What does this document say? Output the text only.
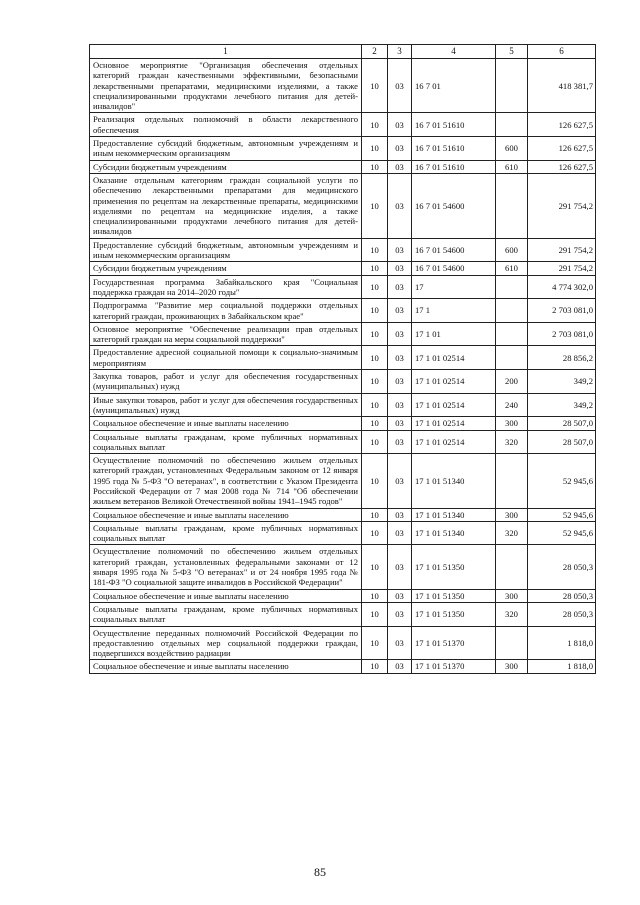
1	2	3	4	5	6
Основное мероприятие "Организация обеспечения отдельных категорий граждан качественными эффективными, безопасными лекарственными препаратами, медицинскими изделиями, а также специализированными продуктами лечебного питания для детей-инвалидов"	10	03	16 7 01		418 381,7
Реализация отдельных полномочий в области лекарственного обеспечения	10	03	16 7 01 51610		126 627,5
Предоставление субсидий бюджетным, автономным учреждениям и иным некоммерческим организациям	10	03	16 7 01 51610	600	126 627,5
Субсидии бюджетным учреждениям	10	03	16 7 01 51610	610	126 627,5
Оказание отдельным категориям граждан социальной услуги по обеспечению лекарственными препаратами для медицинского применения по рецептам на лекарственные препараты, медицинскими изделиями по рецептам на медицинские изделия, а также специализированными продуктами лечебного питания для детей-инвалидов	10	03	16 7 01 54600		291 754,2
Предоставление субсидий бюджетным, автономным учреждениям и иным некоммерческим организациям	10	03	16 7 01 54600	600	291 754,2
Субсидии бюджетным учреждениям	10	03	16 7 01 54600	610	291 754,2
Государственная программа Забайкальского края "Социальная поддержка граждан на 2014–2020 годы"	10	03	17		4 774 302,0
Подпрограмма "Развитие мер социальной поддержки отдельных категорий граждан, проживающих в Забайкальском крае"	10	03	17 1		2 703 081,0
Основное мероприятие "Обеспечение реализации прав отдельных категорий граждан на меры социальной поддержки"	10	03	17 1 01		2 703 081,0
Предоставление адресной социальной помощи к социально-значимым мероприятиям	10	03	17 1 01 02514		28 856,2
Закупка товаров, работ и услуг для обеспечения государственных (муниципальных) нужд	10	03	17 1 01 02514	200	349,2
Иные закупки товаров, работ и услуг для обеспечения государственных (муниципальных) нужд	10	03	17 1 01 02514	240	349,2
Социальное обеспечение и иные выплаты населению	10	03	17 1 01 02514	300	28 507,0
Социальные выплаты гражданам, кроме публичных нормативных социальных выплат	10	03	17 1 01 02514	320	28 507,0
Осуществление полномочий по обеспечению жильем отдельных категорий граждан, установленных Федеральным законом от 12 января 1995 года № 5-ФЗ "О ветеранах", в соответствии с Указом Президента Российской Федерации от 7 мая 2008 года № 714 "Об обеспечении жильем ветеранов Великой Отечественной войны 1941–1945 годов"	10	03	17 1 01 51340		52 945,6
Социальное обеспечение и иные выплаты населению	10	03	17 1 01 51340	300	52 945,6
Социальные выплаты гражданам, кроме публичных нормативных социальных выплат	10	03	17 1 01 51340	320	52 945,6
Осуществление полномочий по обеспечению жильем отдельных категорий граждан, установленных федеральными законами от 12 января 1995 года № 5-ФЗ "О ветеранах" и от 24 ноября 1995 года № 181-ФЗ "О социальной защите инвалидов в Российской Федерации"	10	03	17 1 01 51350		28 050,3
Социальное обеспечение и иные выплаты населению	10	03	17 1 01 51350	300	28 050,3
Социальные выплаты гражданам, кроме публичных нормативных социальных выплат	10	03	17 1 01 51350	320	28 050,3
Осуществление переданных полномочий Российской Федерации по предоставлению отдельных мер социальной поддержки граждан, подвергшихся воздействию радиации	10	03	17 1 01 51370		1 818,0
Социальное обеспечение и иные выплаты населению	10	03	17 1 01 51370	300	1 818,0
85
